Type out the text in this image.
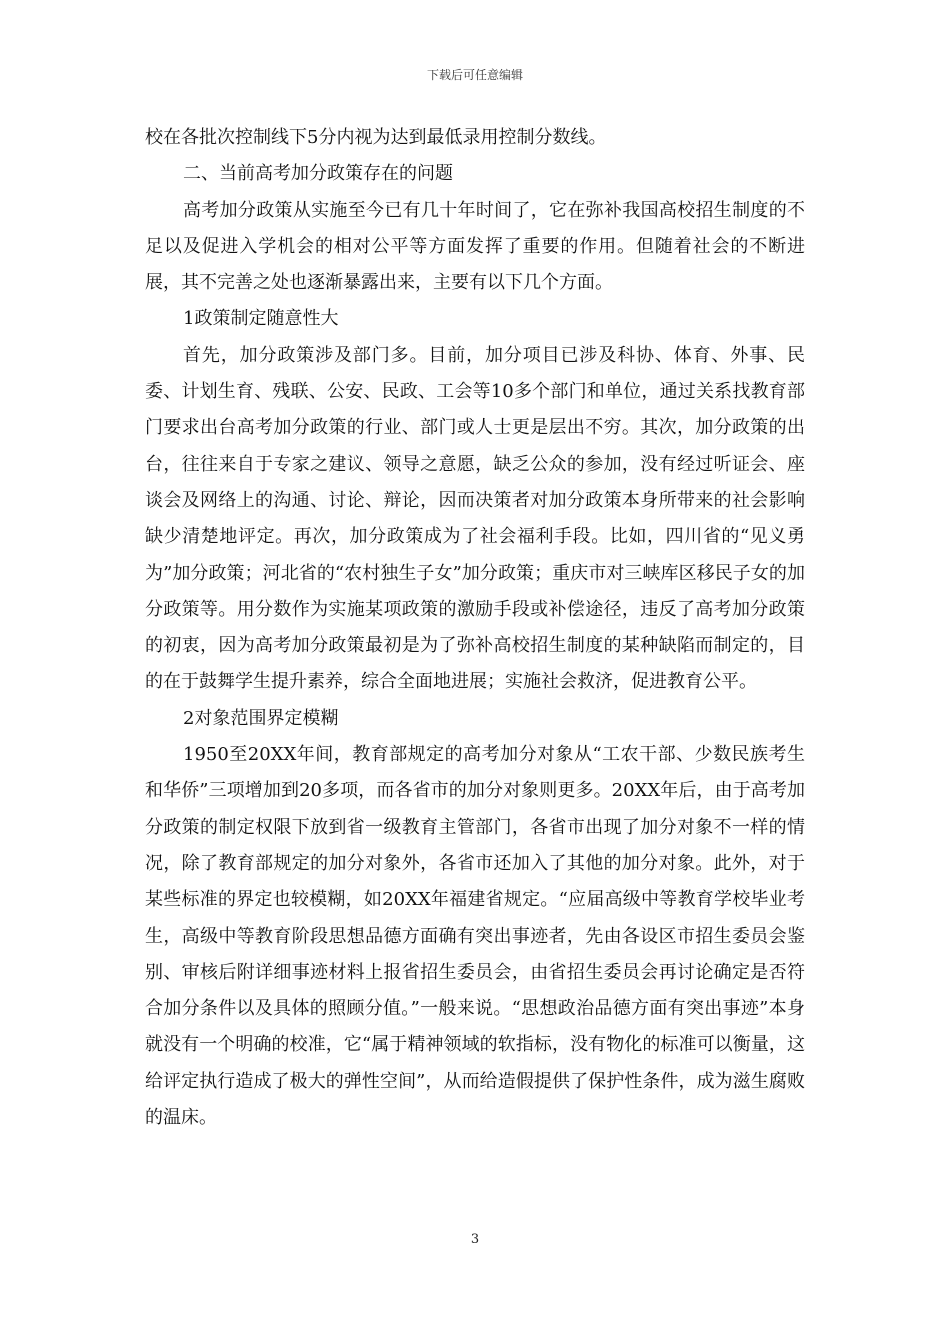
下载后可任意编辑

校在各批次控制线下5分内视为达到最低录用控制分数线。

二、当前高考加分政策存在的问题

高考加分政策从实施至今已有几十年时间了，它在弥补我国高校招生制度的不足以及促进入学机会的相对公平等方面发挥了重要的作用。但随着社会的不断进展，其不完善之处也逐渐暴露出来，主要有以下几个方面。

1政策制定随意性大

首先，加分政策涉及部门多。目前，加分项目已涉及科协、体育、外事、民委、计划生育、残联、公安、民政、工会等10多个部门和单位，通过关系找教育部门要求出台高考加分政策的行业、部门或人士更是层出不穷。其次，加分政策的出台，往往来自于专家之建议、领导之意愿，缺乏公众的参加，没有经过听证会、座谈会及网络上的沟通、讨论、辩论，因而决策者对加分政策本身所带来的社会影响缺少清楚地评定。再次，加分政策成为了社会福利手段。比如，四川省的“见义勇为”加分政策；河北省的“农村独生子女”加分政策；重庆市对三峡库区移民子女的加分政策等。用分数作为实施某项政策的激励手段或补偿途径，违反了高考加分政策的初衷，因为高考加分政策最初是为了弥补高校招生制度的某种缺陷而制定的，目的在于鼓舞学生提升素养，综合全面地进展；实施社会救济，促进教育公平。

2对象范围界定模糊

1950至20XX年间，教育部规定的高考加分对象从“工农干部、少数民族考生和华侨”三项增加到20多项，而各省市的加分对象则更多。20XX年后，由于高考加分政策的制定权限下放到省一级教育主管部门，各省市出现了加分对象不一样的情况，除了教育部规定的加分对象外，各省市还加入了其他的加分对象。此外，对于某些标准的界定也较模糊，如20XX年福建省规定。“应届高级中等教育学校毕业考生，高级中等教育阶段思想品德方面确有突出事迹者，先由各设区市招生委员会鉴别、审核后附详细事迹材料上报省招生委员会，由省招生委员会再讨论确定是否符合加分条件以及具体的照顾分值。”一般来说。“思想政治品德方面有突出事迹”本身就没有一个明确的校准，它“属于精神领域的软指标，没有物化的标准可以衡量，这给评定执行造成了极大的弹性空间”，从而给造假提供了保护性条件，成为滋生腐败的温床。

3
